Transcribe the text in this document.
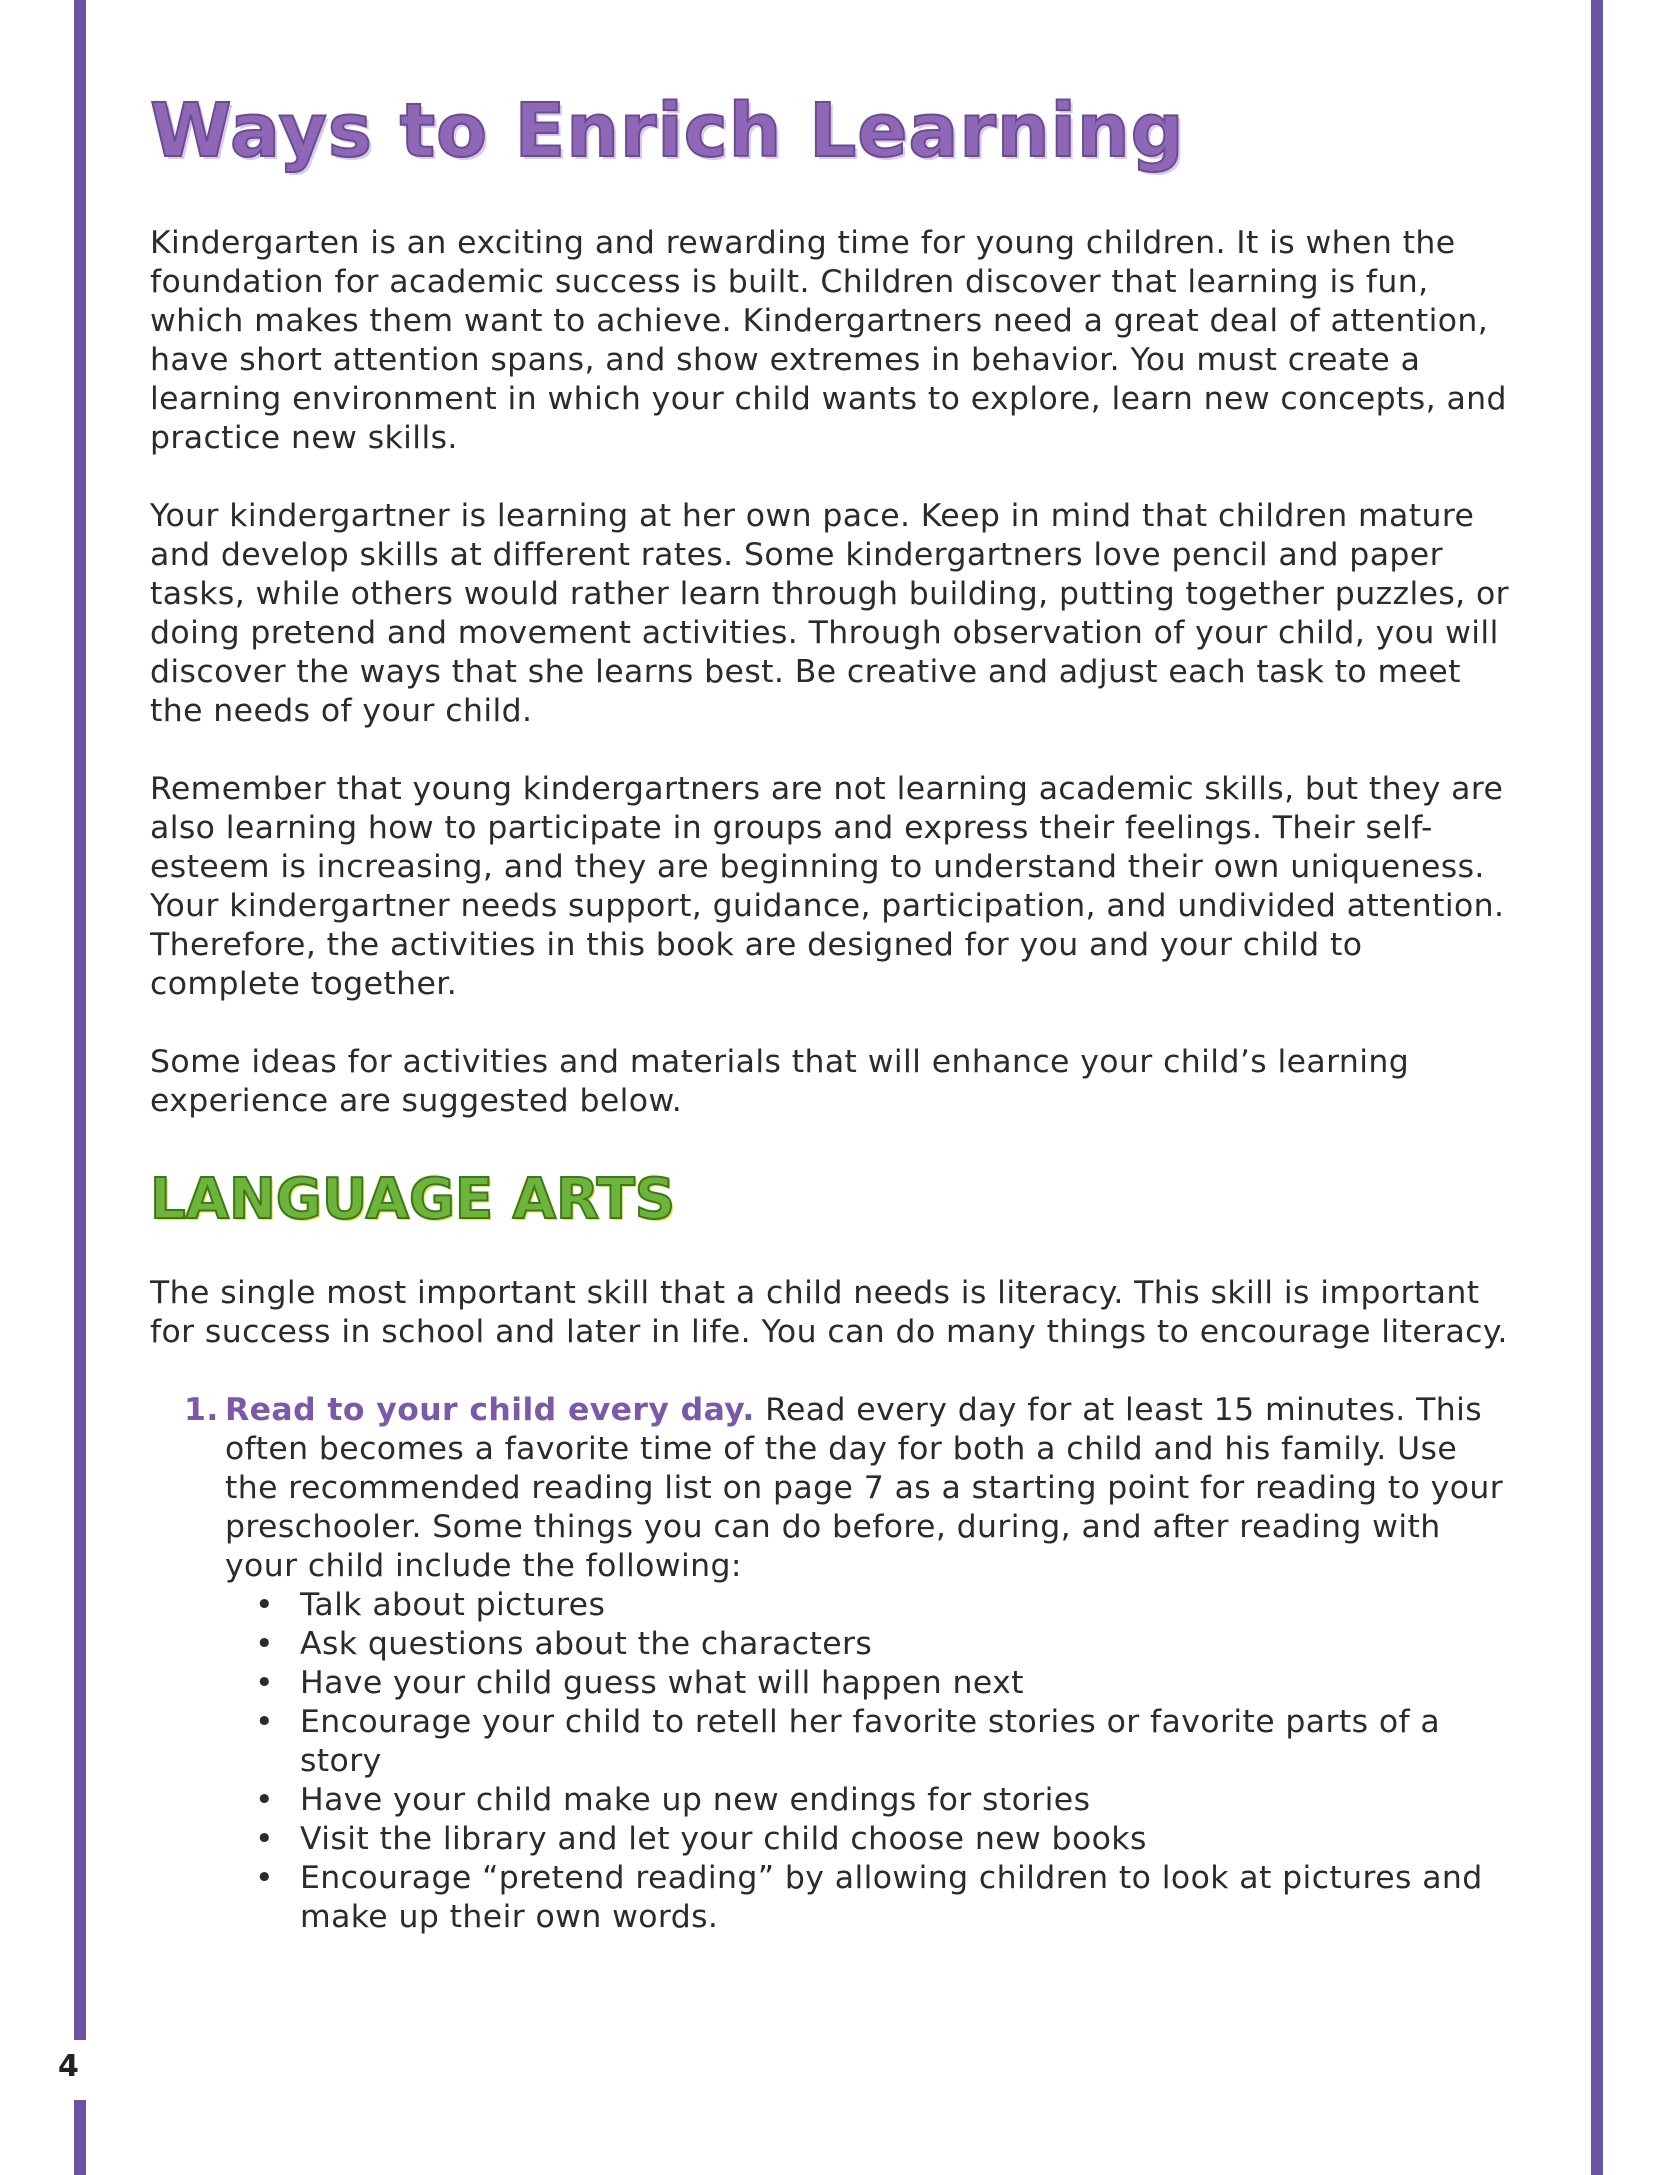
Ways to Enrich Learning

Kindergarten is an exciting and rewarding time for young children. It is when the foundation for academic success is built. Children discover that learning is fun, which makes them want to achieve. Kindergartners need a great deal of attention, have short attention spans, and show extremes in behavior. You must create a learning environment in which your child wants to explore, learn new concepts, and practice new skills.

Your kindergartner is learning at her own pace. Keep in mind that children mature and develop skills at different rates. Some kindergartners love pencil and paper tasks, while others would rather learn through building, putting together puzzles, or doing pretend and movement activities. Through observation of your child, you will discover the ways that she learns best. Be creative and adjust each task to meet the needs of your child.

Remember that young kindergartners are not learning academic skills, but they are also learning how to participate in groups and express their feelings. Their self-esteem is increasing, and they are beginning to understand their own uniqueness. Your kindergartner needs support, guidance, participation, and undivided attention. Therefore, the activities in this book are designed for you and your child to complete together.

Some ideas for activities and materials that will enhance your child’s learning experience are suggested below.

LANGUAGE ARTS

The single most important skill that a child needs is literacy. This skill is important for success in school and later in life. You can do many things to encourage literacy.

1. Read to your child every day. Read every day for at least 15 minutes. This often becomes a favorite time of the day for both a child and his family. Use the recommended reading list on page 7 as a starting point for reading to your preschooler. Some things you can do before, during, and after reading with your child include the following:
• Talk about pictures
• Ask questions about the characters
• Have your child guess what will happen next
• Encourage your child to retell her favorite stories or favorite parts of a story
• Have your child make up new endings for stories
• Visit the library and let your child choose new books
• Encourage “pretend reading” by allowing children to look at pictures and make up their own words.
4
